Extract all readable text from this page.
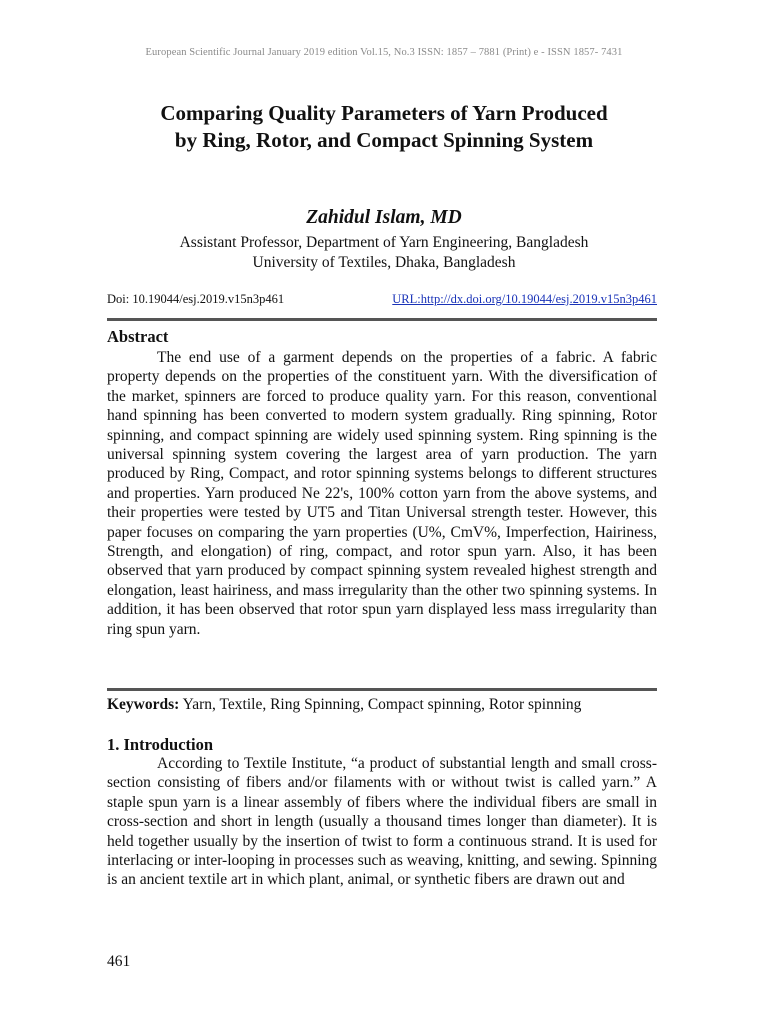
European Scientific Journal January 2019 edition Vol.15, No.3 ISSN: 1857 – 7881 (Print) e - ISSN 1857- 7431
Comparing Quality Parameters of Yarn Produced
by Ring, Rotor, and Compact Spinning System
Zahidul Islam, MD
Assistant Professor, Department of Yarn Engineering, Bangladesh
University of Textiles, Dhaka, Bangladesh
Doi: 10.19044/esj.2019.v15n3p461	URL:http://dx.doi.org/10.19044/esj.2019.v15n3p461
Abstract
The end use of a garment depends on the properties of a fabric. A fabric property depends on the properties of the constituent yarn. With the diversification of the market, spinners are forced to produce quality yarn. For this reason, conventional hand spinning has been converted to modern system gradually. Ring spinning, Rotor spinning, and compact spinning are widely used spinning system. Ring spinning is the universal spinning system covering the largest area of yarn production. The yarn produced by Ring, Compact, and rotor spinning systems belongs to different structures and properties. Yarn produced Ne 22's, 100% cotton yarn from the above systems, and their properties were tested by UT5 and Titan Universal strength tester. However, this paper focuses on comparing the yarn properties (U%, CmV%, Imperfection, Hairiness, Strength, and elongation) of ring, compact, and rotor spun yarn. Also, it has been observed that yarn produced by compact spinning system revealed highest strength and elongation, least hairiness, and mass irregularity than the other two spinning systems. In addition, it has been observed that rotor spun yarn displayed less mass irregularity than ring spun yarn.
Keywords: Yarn, Textile, Ring Spinning, Compact spinning, Rotor spinning
1. Introduction
According to Textile Institute, “a product of substantial length and small cross-section consisting of fibers and/or filaments with or without twist is called yarn.” A staple spun yarn is a linear assembly of fibers where the individual fibers are small in cross-section and short in length (usually a thousand times longer than diameter). It is held together usually by the insertion of twist to form a continuous strand. It is used for interlacing or inter-looping in processes such as weaving, knitting, and sewing. Spinning is an ancient textile art in which plant, animal, or synthetic fibers are drawn out and
461
